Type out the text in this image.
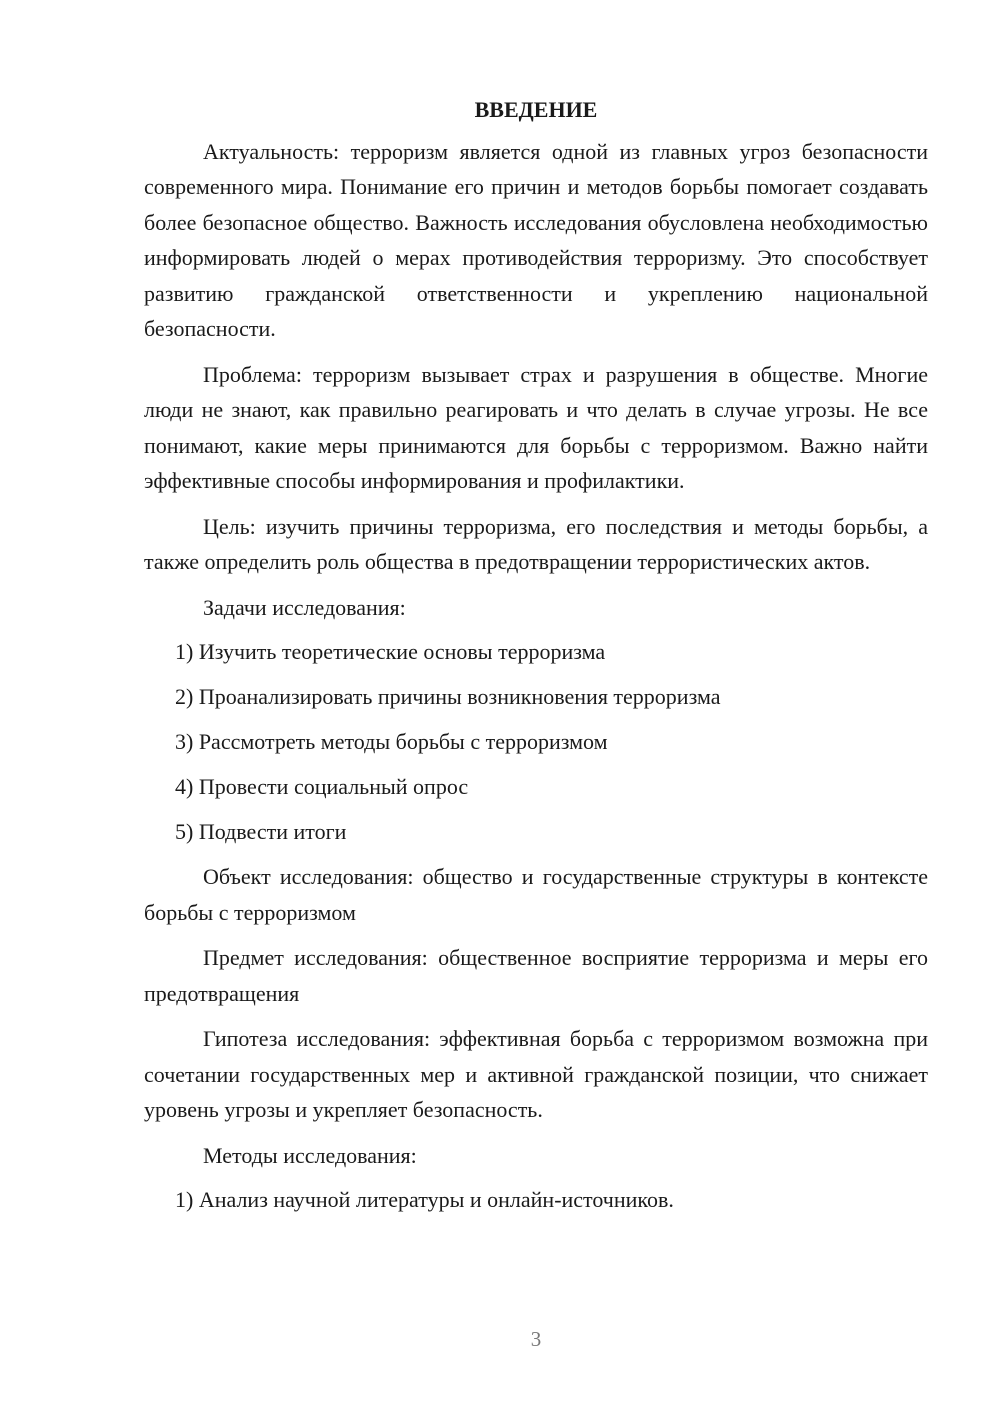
ВВЕДЕНИЕ

Актуальность: терроризм является одной из главных угроз безопасности современного мира. Понимание его причин и методов борьбы помогает создавать более безопасное общество. Важность исследования обусловлена необходимостью информировать людей о мерах противодействия терроризму. Это способствует развитию гражданской ответственности и укреплению национальной безопасности.

Проблема: терроризм вызывает страх и разрушения в обществе. Многие люди не знают, как правильно реагировать и что делать в случае угрозы. Не все понимают, какие меры принимаются для борьбы с терроризмом. Важно найти эффективные способы информирования и профилактики.

Цель: изучить причины терроризма, его последствия и методы борьбы, а также определить роль общества в предотвращении террористических актов.

Задачи исследования:

1) Изучить теоретические основы терроризма
2) Проанализировать причины возникновения терроризма
3) Рассмотреть методы борьбы с терроризмом
4) Провести социальный опрос
5) Подвести итоги

Объект исследования: общество и государственные структуры в контексте борьбы с терроризмом

Предмет исследования: общественное восприятие терроризма и меры его предотвращения

Гипотеза исследования: эффективная борьба с терроризмом возможна при сочетании государственных мер и активной гражданской позиции, что снижает уровень угрозы и укрепляет безопасность.

Методы исследования:

1) Анализ научной литературы и онлайн-источников.
3
